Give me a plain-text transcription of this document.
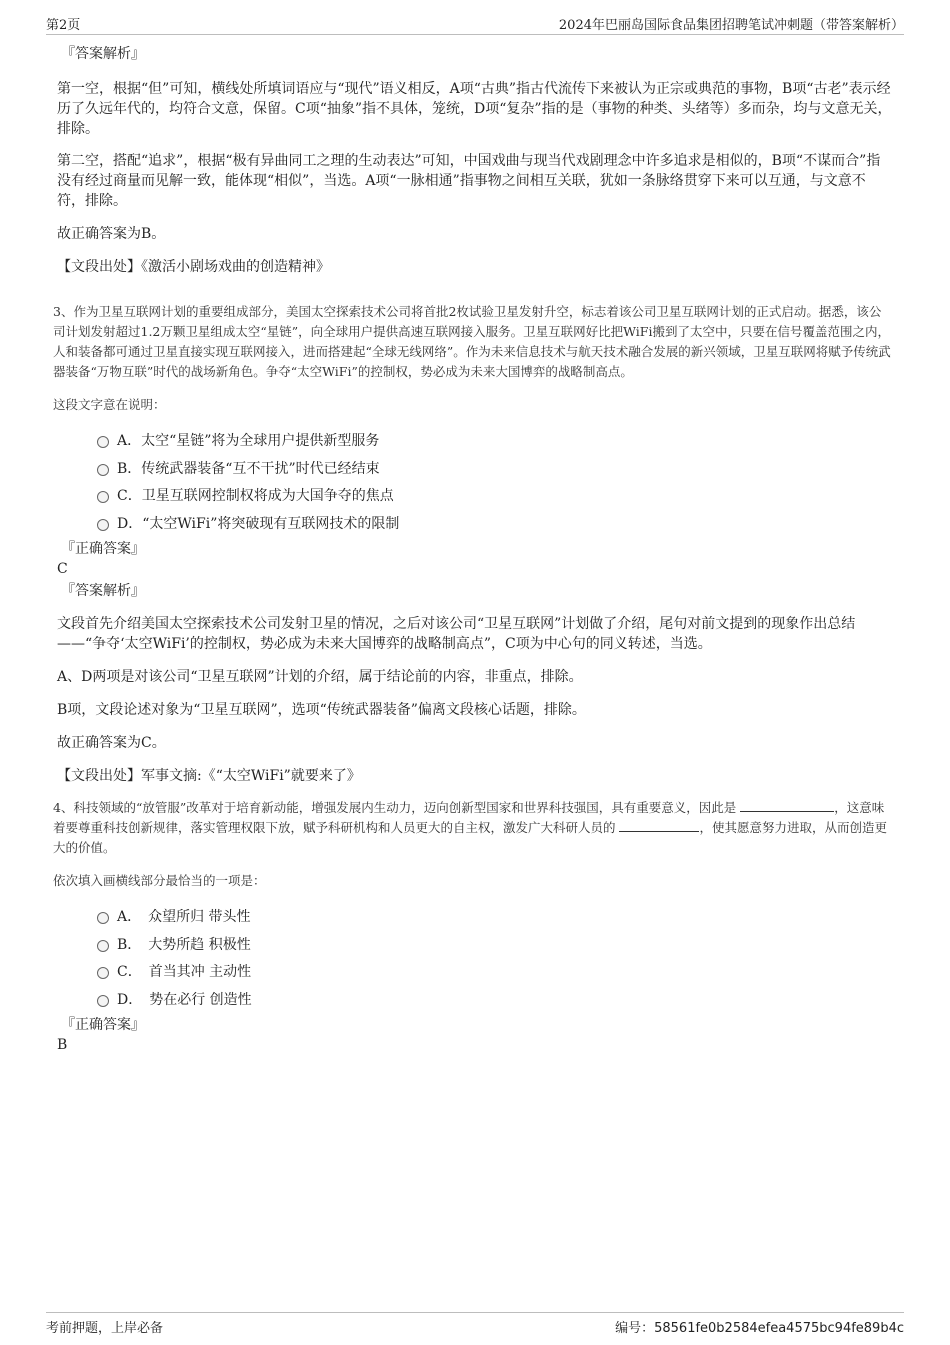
第2页	2024年巴丽岛国际食品集团招聘笔试冲刺题（带答案解析）
『答案解析』

第一空，根据“但”可知，横线处所填词语应与“现代”语义相反，A项“古典”指古代流传下来被认为正宗或典范的事物，B项“古老”表示经历了久远年代的，均符合文意，保留。C项“抽象”指不具体，笼统，D项“复杂”指的是（事物的种类、头绪等）多而杂，均与文意无关，排除。

第二空，搭配“追求”，根据“极有异曲同工之理的生动表达”可知，中国戏曲与现当代戏剧理念中许多追求是相似的，B项“不谋而合”指没有经过商量而见解一致，能体现“相似”，当选。A项“一脉相通”指事物之间相互关联，犹如一条脉络贯穿下来可以互通，与文意不符，排除。

故正确答案为B。

【文段出处】《激活小剧场戏曲的创造精神》

3、作为卫星互联网计划的重要组成部分，美国太空探索技术公司将首批2枚试验卫星发射升空，标志着该公司卫星互联网计划的正式启动。据悉，该公司计划发射超过1.2万颗卫星组成太空“星链”，向全球用户提供高速互联网接入服务。卫星互联网好比把WiFi搬到了太空中，只要在信号覆盖范围之内，人和装备都可通过卫星直接实现互联网接入，进而搭建起“全球无线网络”。作为未来信息技术与航天技术融合发展的新兴领域，卫星互联网将赋予传统武器装备“万物互联”时代的战场新角色。争夺“太空WiFi”的控制权，势必成为未来大国博弈的战略制高点。

这段文字意在说明：

A．太空“星链”将为全球用户提供新型服务
B．传统武器装备“互不干扰”时代已经结束
C．卫星互联网控制权将成为大国争夺的焦点
D．“太空WiFi”将突破现有互联网技术的限制
『正确答案』
C
『答案解析』

文段首先介绍美国太空探索技术公司发射卫星的情况，之后对该公司“卫星互联网”计划做了介绍，尾句对前文提到的现象作出总结——“争夺‘太空WiFi’的控制权，势必成为未来大国博弈的战略制高点”，C项为中心句的同义转述，当选。

A、D两项是对该公司“卫星互联网”计划的介绍，属于结论前的内容，非重点，排除。

B项，文段论述对象为“卫星互联网”，选项“传统武器装备”偏离文段核心话题，排除。

故正确答案为C。

【文段出处】军事文摘:《“太空WiFi”就要来了》

4、科技领域的“放管服”改革对于培育新动能，增强发展内生动力，迈向创新型国家和世界科技强国，具有重要意义，因此是	，这意味着要尊重科技创新规律，落实管理权限下放，赋予科研机构和人员更大的自主权，激发广大科研人员的	，使其愿意努力进取，从而创造更大的价值。

依次填入画横线部分最恰当的一项是：

A．　众望所归 带头性
B．　大势所趋 积极性
C．　首当其冲 主动性
D．　势在必行 创造性
『正确答案』
B
考前押题，上岸必备	编号：58561fe0b2584efea4575bc94fe89b4c
